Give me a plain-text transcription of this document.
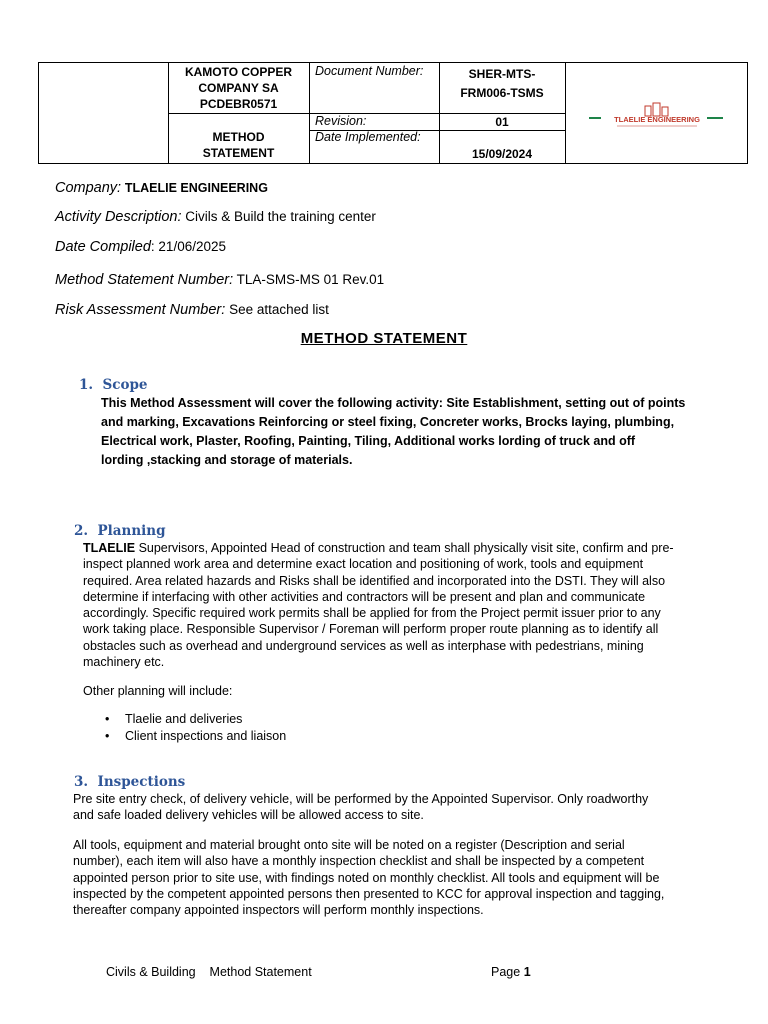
KAMOTO COPPER
COMPANY SA
PCDEBR0571
METHOD
STATEMENT
Document Number:
Revision:
Date Implemented:
SHER-MTS-
FRM006-TSMS
01
15/09/2024
TLAELIE ENGINEERING
Company: TLAELIE ENGINEERING
Activity Description: Civils & Build the training center
Date Compiled: 21/06/2025
Method Statement Number: TLA-SMS-MS 01 Rev.01
Risk Assessment Number: See attached list
METHOD STATEMENT
1. Scope
This Method Assessment will cover the following activity: Site Establishment, setting out of points
and marking, Excavations Reinforcing or steel fixing, Concreter works, Brocks laying, plumbing,
Electrical work, Plaster, Roofing, Painting, Tiling, Additional works lording of truck and off
lording ,stacking and storage of materials.
2. Planning
TLAELIE Supervisors, Appointed Head of construction and team shall physically visit site, confirm and pre-
inspect planned work area and determine exact location and positioning of work, tools and equipment
required. Area related hazards and Risks shall be identified and incorporated into the DSTI. They will also
determine if interfacing with other activities and contractors will be present and plan and communicate
accordingly. Specific required work permits shall be applied for from the Project permit issuer prior to any
work taking place. Responsible Supervisor / Foreman will perform proper route planning as to identify all
obstacles such as overhead and underground services as well as interphase with pedestrians, mining
machinery etc.
Other planning will include:
• Tlaelie and deliveries
• Client inspections and liaison
3. Inspections
Pre site entry check, of delivery vehicle, will be performed by the Appointed Supervisor. Only roadworthy
and safe loaded delivery vehicles will be allowed access to site.
All tools, equipment and material brought onto site will be noted on a register (Description and serial
number), each item will also have a monthly inspection checklist and shall be inspected by a competent
appointed person prior to site use, with findings noted on monthly checklist. All tools and equipment will be
inspected by the competent appointed persons then presented to KCC for approval inspection and tagging,
thereafter company appointed inspectors will perform monthly inspections.
Civils & Building Method Statement	Page 1
